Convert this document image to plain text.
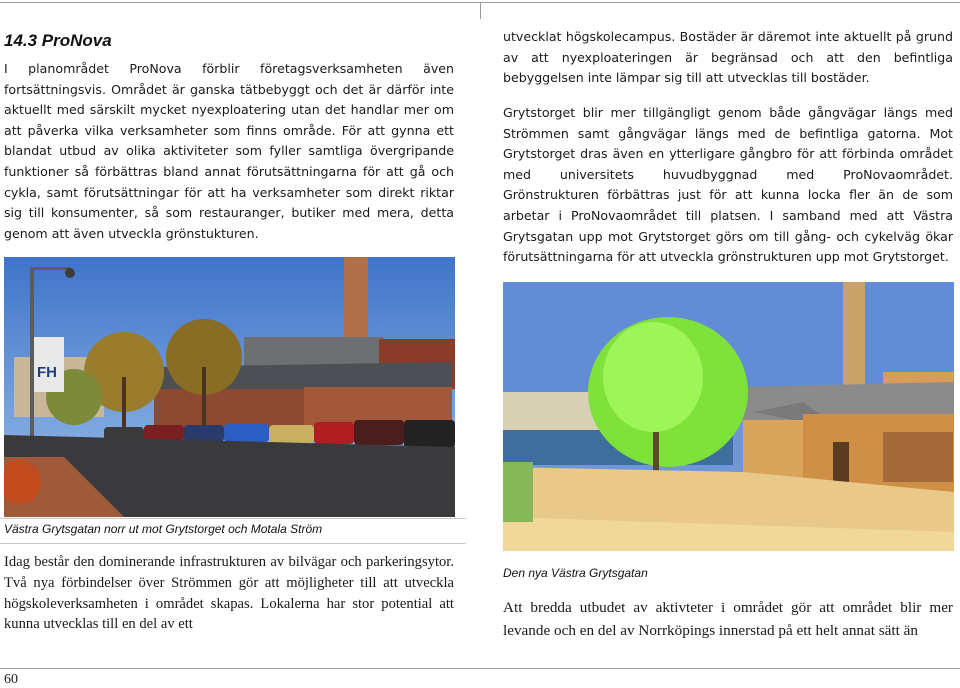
14.3 ProNova

I planområdet ProNova förblir företagsverksamheten även fortsättningsvis. Området är ganska tätbebyggt och det är därför inte aktuellt med särskilt mycket nyexploatering utan det handlar mer om att påverka vilka verksamheter som finns område. För att gynna ett blandat utbud av olika aktiviteter som fyller samtliga övergripande funktioner så förbättras bland annat förutsättningarna för att gå och cykla, samt förutsättningar för att ha verksamheter som direkt riktar sig till konsumenter, så som restauranger, butiker med mera, detta genom att även utveckla grönstukturen.

FH
Västra Grytsgatan norr ut mot Grytstorget och Motala Ström

Idag består den dominerande infrastrukturen av bilvägar och parkeringsytor. Två nya förbindelser över Strömmen gör att möjligheter till att utveckla högskoleverksamheten i området skapas. Lokalerna har stor potential att kunna utvecklas till en del av ett

utvecklat högskolecampus. Bostäder är däremot inte aktuellt på grund av att nyexploateringen är begränsad och att den befintliga bebyggelsen inte lämpar sig till att utvecklas till bostäder.

Grytstorget blir mer tillgängligt genom både gångvägar längs med Strömmen samt gångvägar längs med de befintliga gatorna. Mot Grytstorget dras även en ytterligare gångbro för att förbinda området med universitets huvudbyggnad med ProNovaområdet. Grönstrukturen förbättras just för att kunna locka fler än de som arbetar i ProNovaområdet till platsen. I samband med att Västra Grytsgatan upp mot Grytstorget görs om till gång- och cykelväg ökar förutsättningarna för att utveckla grönstrukturen upp mot Grytstorget.

Den nya Västra Grytsgatan

Att bredda utbudet av aktivteter i området gör att området blir mer levande och en del av Norrköpings innerstad på ett helt annat sätt än

60
